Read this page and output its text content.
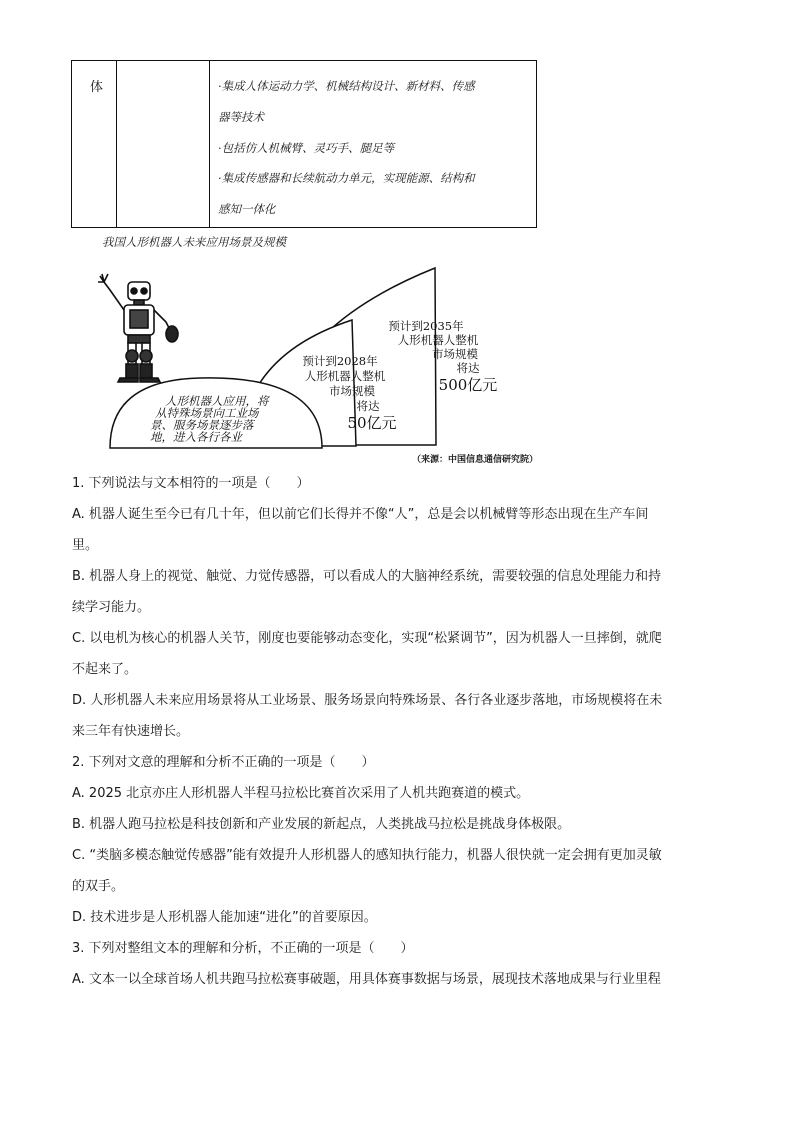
体	·集成人体运动力学、机械结构设计、新材料、传感
器等技术
·包括仿人机械臂、灵巧手、腿足等
·集成传感器和长续航动力单元，实现能源、结构和
感知一体化
我国人形机器人未来应用场景及规模
人形机器人应用，将
从特殊场景向工业场
景、服务场景逐步落
地，进入各行各业
预计到2028年
人形机器人整机
市场规模
将达
50亿元
预计到2035年
人形机器人整机
市场规模
将达
500亿元
（来源：中国信息通信研究院）

1. 下列说法与文本相符的一项是（　　）

A. 机器人诞生至今已有几十年，但以前它们长得并不像“人”，总是会以机械臂等形态出现在生产车间

里。

B. 机器人身上的视觉、触觉、力觉传感器，可以看成人的大脑神经系统，需要较强的信息处理能力和持

续学习能力。

C. 以电机为核心的机器人关节，刚度也要能够动态变化，实现“松紧调节”，因为机器人一旦摔倒，就爬

不起来了。

D. 人形机器人未来应用场景将从工业场景、服务场景向特殊场景、各行各业逐步落地，市场规模将在未

来三年有快速增长。

2. 下列对文意的理解和分析不正确的一项是（　　）

A. 2025 北京亦庄人形机器人半程马拉松比赛首次采用了人机共跑赛道的模式。

B. 机器人跑马拉松是科技创新和产业发展的新起点，人类挑战马拉松是挑战身体极限。

C. “类脑多模态触觉传感器”能有效提升人形机器人的感知执行能力，机器人很快就一定会拥有更加灵敏

的双手。

D. 技术进步是人形机器人能加速“进化”的首要原因。

3. 下列对整组文本的理解和分析，不正确的一项是（　　）

A. 文本一以全球首场人机共跑马拉松赛事破题，用具体赛事数据与场景，展现技术落地成果与行业里程
